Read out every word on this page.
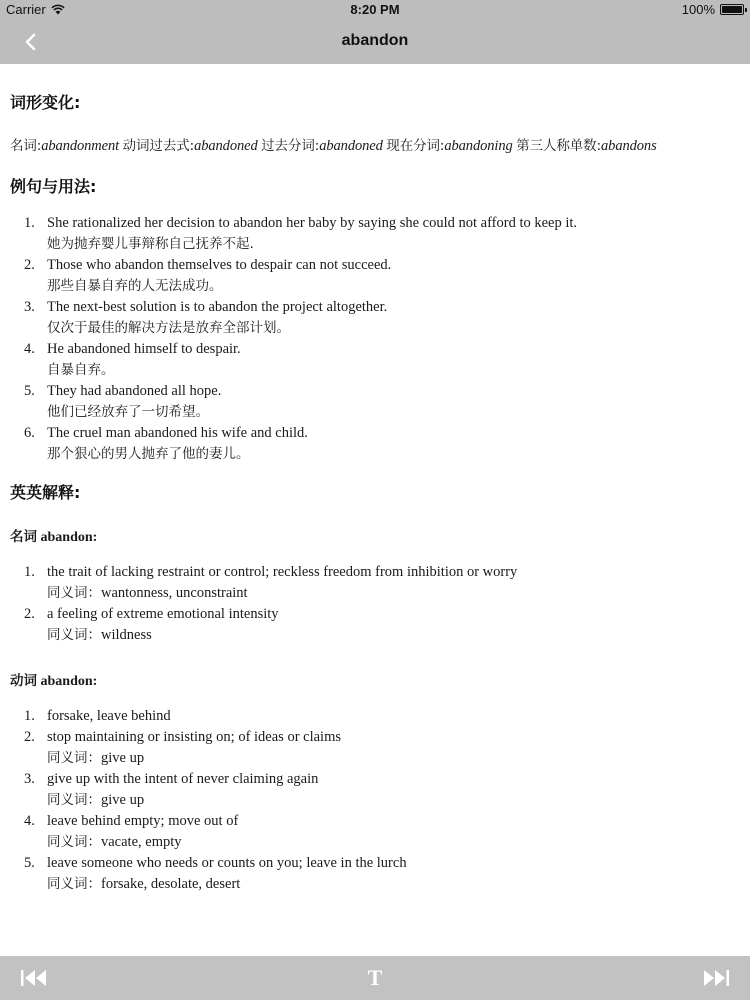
Carrier	8:20 PM	100%
abandon
词形变化:
名词:abandonment 动词过去式:abandoned 过去分词:abandoned 现在分词:abandoning 第三人称单数:abandons
例句与用法:
1. She rationalized her decision to abandon her baby by saying she could not afford to keep it.
她为抛弃婴儿事辩称自己抚养不起.
2. Those who abandon themselves to despair can not succeed.
那些自暴自弃的人无法成功。
3. The next-best solution is to abandon the project altogether.
仅次于最佳的解决方法是放弃全部计划。
4. He abandoned himself to despair.
自暴自弃。
5. They had abandoned all hope.
他们已经放弃了一切希望。
6. The cruel man abandoned his wife and child.
那个狠心的男人抛弃了他的妻儿。
英英解释:
名词 abandon:
1. the trait of lacking restraint or control; reckless freedom from inhibition or worry
同义词：wantonness, unconstraint
2. a feeling of extreme emotional intensity
同义词：wildness
动词 abandon:
1. forsake, leave behind
2. stop maintaining or insisting on; of ideas or claims
同义词：give up
3. give up with the intent of never claiming again
同义词：give up
4. leave behind empty; move out of
同义词：vacate, empty
5. leave someone who needs or counts on you; leave in the lurch
同义词：forsake, desolate, desert
T
